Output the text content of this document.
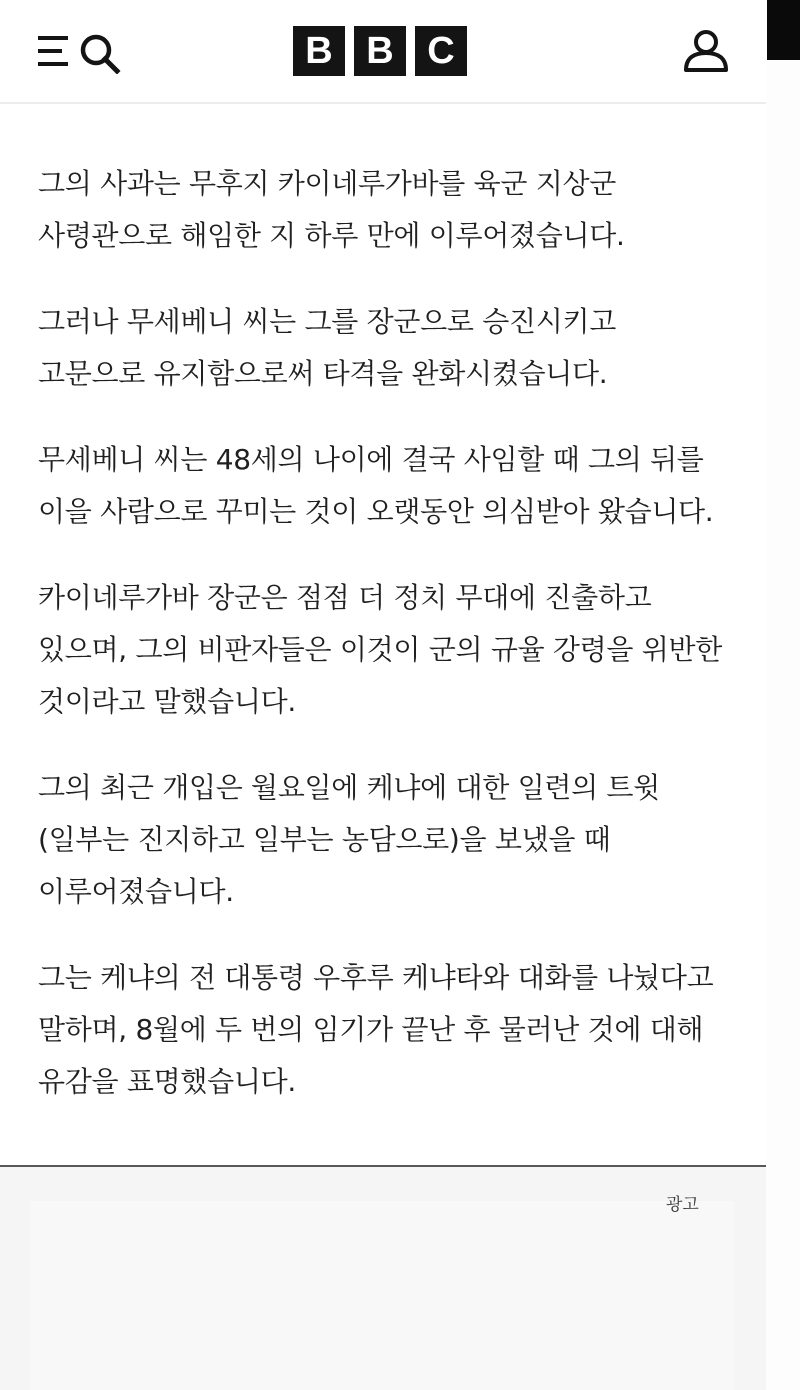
B B C

그의 사과는 무후지 카이네루가바를 육군 지상군 사령관으로 해임한 지 하루 만에 이루어졌습니다.

그러나 무세베니 씨는 그를 장군으로 승진시키고 고문으로 유지함으로써 타격을 완화시켰습니다.

무세베니 씨는 48세의 나이에 결국 사임할 때 그의 뒤를 이을 사람으로 꾸미는 것이 오랫동안 의심받아 왔습니다.

카이네루가바 장군은 점점 더 정치 무대에 진출하고 있으며, 그의 비판자들은 이것이 군의 규율 강령을 위반한 것이라고 말했습니다.

그의 최근 개입은 월요일에 케냐에 대한 일련의 트윗(일부는 진지하고 일부는 농담으로)을 보냈을 때 이루어졌습니다.

그는 케냐의 전 대통령 우후루 케냐타와 대화를 나눴다고 말하며, 8월에 두 번의 임기가 끝난 후 물러난 것에 대해 유감을 표명했습니다.

광고
